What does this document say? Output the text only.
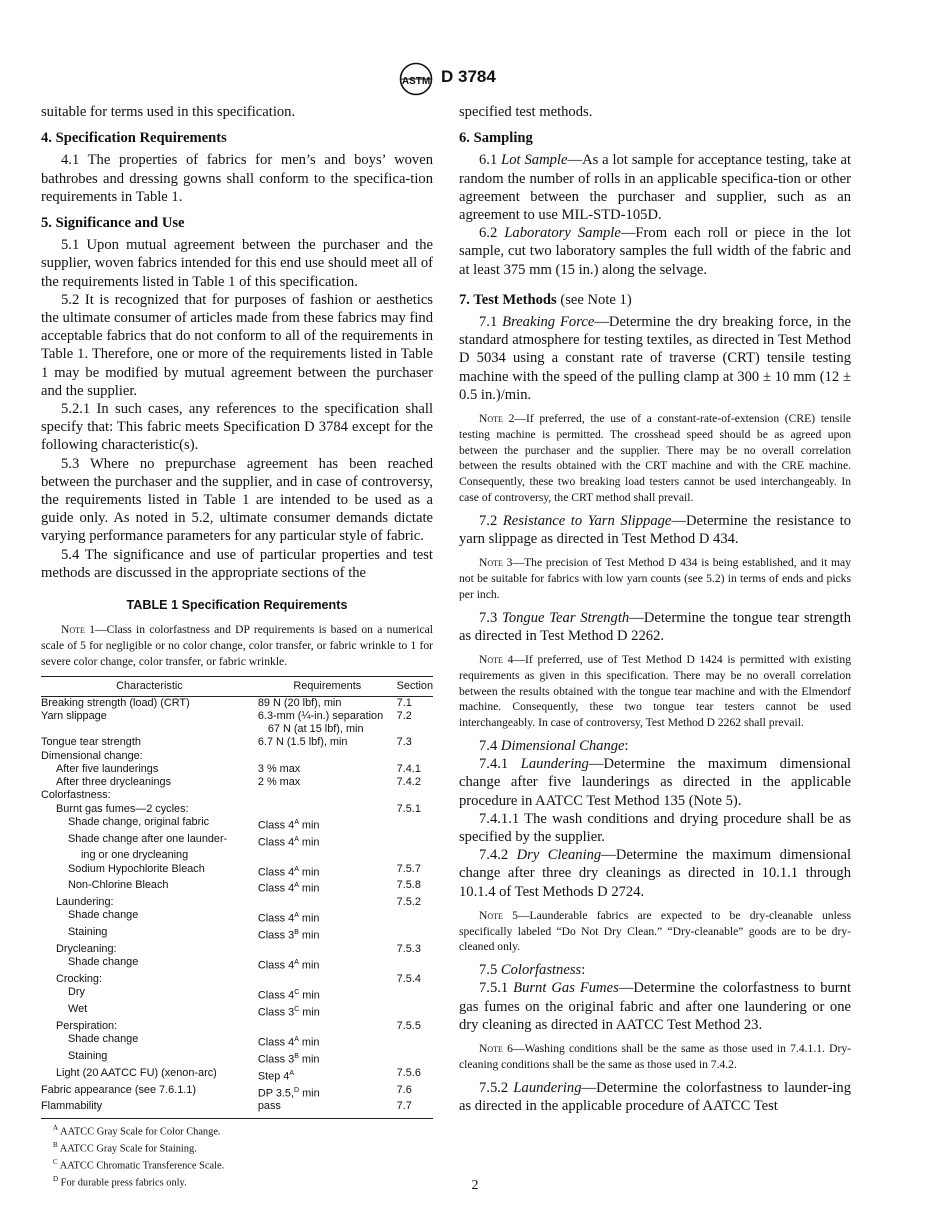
ASTM D 3784

suitable for terms used in this specification.

4. Specification Requirements

4.1 The properties of fabrics for men’s and boys’ woven bathrobes and dressing gowns shall conform to the specifica-tion requirements in Table 1.

5. Significance and Use

5.1 Upon mutual agreement between the purchaser and the supplier, woven fabrics intended for this end use should meet all of the requirements listed in Table 1 of this specification.

5.2 It is recognized that for purposes of fashion or aesthetics the ultimate consumer of articles made from these fabrics may find acceptable fabrics that do not conform to all of the requirements in Table 1. Therefore, one or more of the requirements listed in Table 1 may be modified by mutual agreement between the purchaser and the supplier.

5.2.1 In such cases, any references to the specification shall specify that: This fabric meets Specification D 3784 except for the following characteristic(s).

5.3 Where no prepurchase agreement has been reached between the purchaser and the supplier, and in case of controversy, the requirements listed in Table 1 are intended to be used as a guide only. As noted in 5.2, ultimate consumer demands dictate varying performance parameters for any particular style of fabric.

5.4 The significance and use of particular properties and test methods are discussed in the appropriate sections of the

TABLE 1 Specification Requirements

Note 1—Class in colorfastness and DP requirements is based on a numerical scale of 5 for negligible or no color change, color transfer, or fabric wrinkle to 1 for severe color change, color transfer, or fabric wrinkle.

Characteristic	Requirements	Section
Breaking strength (load) (CRT)	89 N (20 lbf), min	7.1
Yarn slippage	6.3-mm (¼-in.) separation	7.2
	67 N (at 15 lbf), min	
Tongue tear strength	6.7 N (1.5 lbf), min	7.3
Dimensional change:		
After five launderings	3 % max	7.4.1
After three drycleanings	2 % max	7.4.2
Colorfastness:		
Burnt gas fumes—2 cycles:		7.5.1
Shade change, original fabric	Class $4^A$ min	
Shade change after one launder-	Class $4^A$ min	
ing or one drycleaning		
Sodium Hypochlorite Bleach	Class $4^A$ min	7.5.7
Non-Chlorine Bleach	Class $4^A$ min	7.5.8
Laundering:		7.5.2
Shade change	Class $4^A$ min	
Staining	Class $3^B$ min	
Drycleaning:		7.5.3
Shade change	Class $4^A$ min	
Crocking:		7.5.4
Dry	Class $4^C$ min	
Wet	Class $3^C$ min	
Perspiration:		7.5.5
Shade change	Class $4^A$ min	
Staining	Class $3^B$ min	
Light (20 AATCC FU) (xenon-arc)	Step $4^A$	7.5.6
Fabric appearance (see 7.6.1.1)	DP 3.5,$^D$ min	7.6
Flammability	pass	7.7
$^A$ AATCC Gray Scale for Color Change.
$^B$ AATCC Gray Scale for Staining.
$^C$ AATCC Chromatic Transference Scale.
$^D$ For durable press fabrics only.

specified test methods.

6. Sampling

6.1 Lot Sample—As a lot sample for acceptance testing, take at random the number of rolls in an applicable specifica-tion or other agreement between the purchaser and supplier, such as an agreement to use MIL-STD-105D.

6.2 Laboratory Sample—From each roll or piece in the lot sample, cut two laboratory samples the full width of the fabric and at least 375 mm (15 in.) along the selvage.

7. Test Methods (see Note 1)

7.1 Breaking Force—Determine the dry breaking force, in the standard atmosphere for testing textiles, as directed in Test Method D 5034 using a constant rate of traverse (CRT) tensile testing machine with the speed of the pulling clamp at 300 ± 10 mm (12 ± 0.5 in.)/min.

Note 2—If preferred, the use of a constant-rate-of-extension (CRE) tensile testing machine is permitted. The crosshead speed should be as agreed upon between the purchaser and the supplier. There may be no overall correlation between the results obtained with the CRT machine and with the CRE machine. Consequently, these two breaking load testers cannot be used interchangeably. In case of controversy, the CRT method shall prevail.

7.2 Resistance to Yarn Slippage—Determine the resistance to yarn slippage as directed in Test Method D 434.

Note 3—The precision of Test Method D 434 is being established, and it may not be suitable for fabrics with low yarn counts (see 5.2) in terms of ends and picks per inch.

7.3 Tongue Tear Strength—Determine the tongue tear strength as directed in Test Method D 2262.

Note 4—If preferred, use of Test Method D 1424 is permitted with existing requirements as given in this specification. There may be no overall correlation between the results obtained with the tongue tear machine and with the Elmendorf machine. Consequently, these two tongue tear testers cannot be used interchangeably. In case of controversy, Test Method D 2262 shall prevail.

7.4 Dimensional Change:

7.4.1 Laundering—Determine the maximum dimensional change after five launderings as directed in the applicable procedure in AATCC Test Method 135 (Note 5).

7.4.1.1 The wash conditions and drying procedure shall be as specified by the supplier.

7.4.2 Dry Cleaning—Determine the maximum dimensional change after three dry cleanings as directed in 10.1.1 through 10.1.4 of Test Methods D 2724.

Note 5—Launderable fabrics are expected to be dry-cleanable unless specifically labeled “Do Not Dry Clean.” “Dry-cleanable” goods are to be dry-cleaned only.

7.5 Colorfastness:

7.5.1 Burnt Gas Fumes—Determine the colorfastness to burnt gas fumes on the original fabric and after one laundering or one dry cleaning as directed in AATCC Test Method 23.

Note 6—Washing conditions shall be the same as those used in 7.4.1.1. Dry-cleaning conditions shall be the same as those used in 7.4.2.

7.5.2 Laundering—Determine the colorfastness to launder-ing as directed in the applicable procedure of AATCC Test

2
